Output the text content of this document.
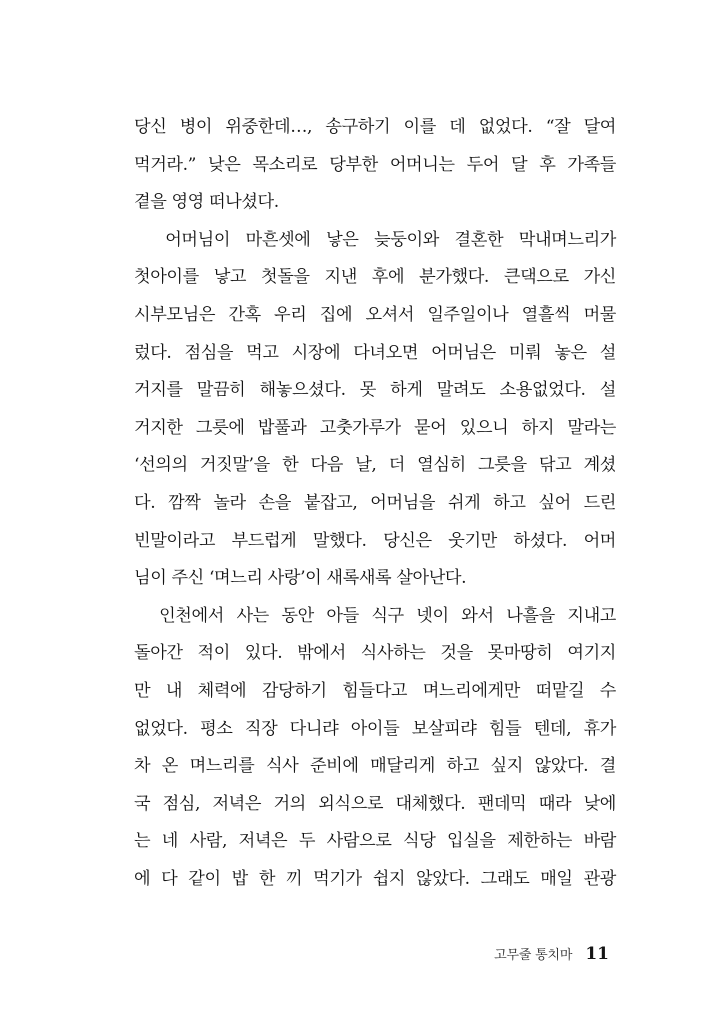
당신 병이 위중한데…, 송구하기 이를 데 없었다. “잘 달여
먹거라.” 낮은 목소리로 당부한 어머니는 두어 달 후 가족들
곁을 영영 떠나셨다.
어머님이 마흔셋에 낳은 늦둥이와 결혼한 막내며느리가
첫아이를 낳고 첫돌을 지낸 후에 분가했다. 큰댁으로 가신
시부모님은 간혹 우리 집에 오셔서 일주일이나 열흘씩 머물
렀다. 점심을 먹고 시장에 다녀오면 어머님은 미뤄 놓은 설
거지를 말끔히 해놓으셨다. 못 하게 말려도 소용없었다. 설
거지한 그릇에 밥풀과 고춧가루가 묻어 있으니 하지 말라는
‘선의의 거짓말’을 한 다음 날, 더 열심히 그릇을 닦고 계셨
다. 깜짝 놀라 손을 붙잡고, 어머님을 쉬게 하고 싶어 드린
빈말이라고 부드럽게 말했다. 당신은 웃기만 하셨다. 어머
님이 주신 ‘며느리 사랑’이 새록새록 살아난다.
인천에서 사는 동안 아들 식구 넷이 와서 나흘을 지내고
돌아간 적이 있다. 밖에서 식사하는 것을 못마땅히 여기지
만 내 체력에 감당하기 힘들다고 며느리에게만 떠맡길 수
없었다. 평소 직장 다니랴 아이들 보살피랴 힘들 텐데, 휴가
차 온 며느리를 식사 준비에 매달리게 하고 싶지 않았다. 결
국 점심, 저녁은 거의 외식으로 대체했다. 팬데믹 때라 낮에
는 네 사람, 저녁은 두 사람으로 식당 입실을 제한하는 바람
에 다 같이 밥 한 끼 먹기가 쉽지 않았다. 그래도 매일 관광
고무줄 통치마 11
